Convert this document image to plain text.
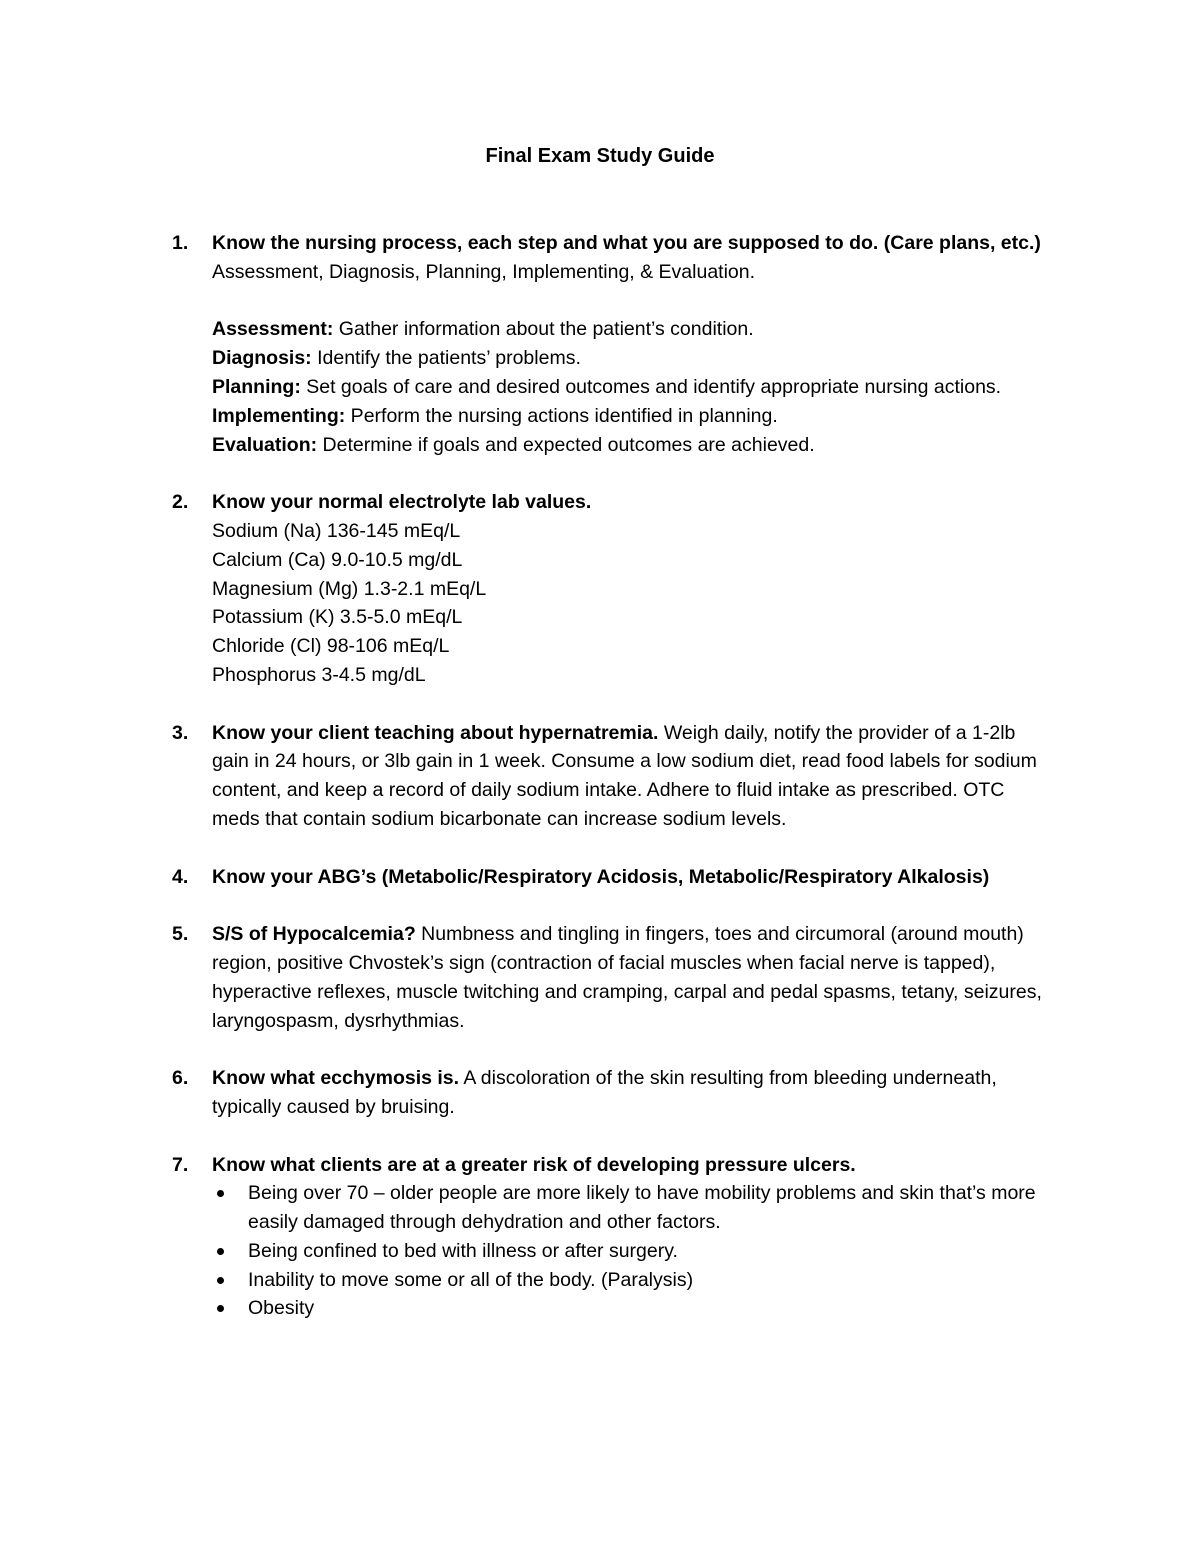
Final Exam Study Guide
1. Know the nursing process, each step and what you are supposed to do. (Care plans, etc.)
Assessment, Diagnosis, Planning, Implementing, & Evaluation.
Assessment: Gather information about the patient’s condition.
Diagnosis: Identify the patients’ problems.
Planning: Set goals of care and desired outcomes and identify appropriate nursing actions.
Implementing: Perform the nursing actions identified in planning.
Evaluation: Determine if goals and expected outcomes are achieved.
2. Know your normal electrolyte lab values.
Sodium (Na) 136-145 mEq/L
Calcium (Ca) 9.0-10.5 mg/dL
Magnesium (Mg) 1.3-2.1 mEq/L
Potassium (K) 3.5-5.0 mEq/L
Chloride (Cl) 98-106 mEq/L
Phosphorus 3-4.5 mg/dL
3. Know your client teaching about hypernatremia. Weigh daily, notify the provider of a 1-2lb gain in 24 hours, or 3lb gain in 1 week. Consume a low sodium diet, read food labels for sodium content, and keep a record of daily sodium intake. Adhere to fluid intake as prescribed. OTC meds that contain sodium bicarbonate can increase sodium levels.
4. Know your ABG’s (Metabolic/Respiratory Acidosis, Metabolic/Respiratory Alkalosis)
5. S/S of Hypocalcemia? Numbness and tingling in fingers, toes and circumoral (around mouth) region, positive Chvostek’s sign (contraction of facial muscles when facial nerve is tapped), hyperactive reflexes, muscle twitching and cramping, carpal and pedal spasms, tetany, seizures, laryngospasm, dysrhythmias.
6. Know what ecchymosis is. A discoloration of the skin resulting from bleeding underneath, typically caused by bruising.
7. Know what clients are at a greater risk of developing pressure ulcers.
Being over 70 – older people are more likely to have mobility problems and skin that’s more easily damaged through dehydration and other factors.
Being confined to bed with illness or after surgery.
Inability to move some or all of the body. (Paralysis)
Obesity
